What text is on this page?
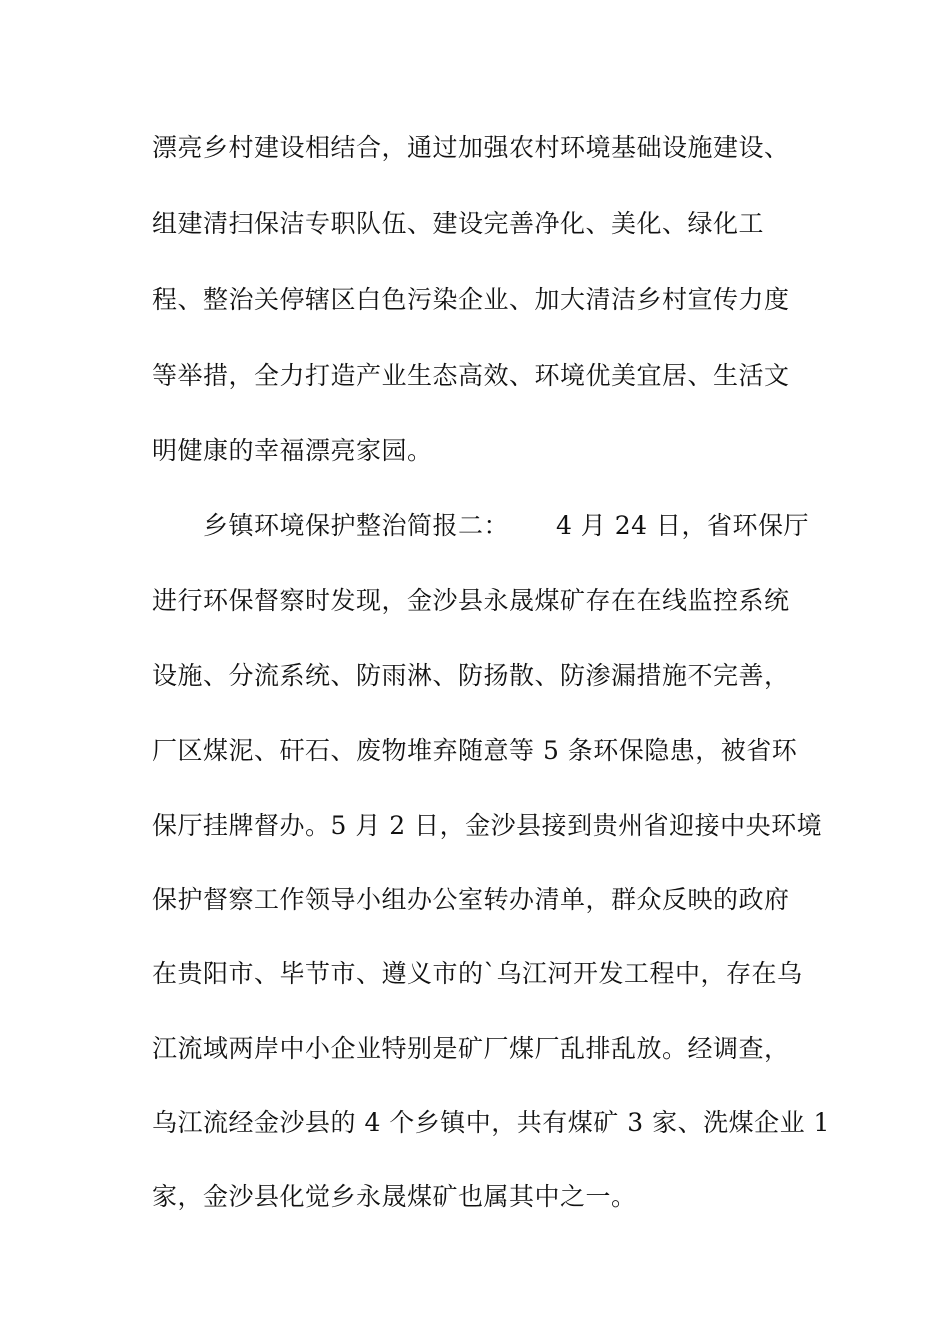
漂亮乡村建设相结合，通过加强农村环境基础设施建设、
组建清扫保洁专职队伍、建设完善净化、美化、绿化工
程、整治关停辖区白色污染企业、加大清洁乡村宣传力度
等举措，全力打造产业生态高效、环境优美宜居、生活文
明健康的幸福漂亮家园。
乡镇环境保护整治简报二：　　 4 月 24 日，省环保厅
进行环保督察时发现，金沙县永晟煤矿存在在线监控系统
设施、分流系统、防雨淋、防扬散、防渗漏措施不完善，
厂区煤泥、矸石、废物堆弃随意等 5 条环保隐患，被省环
保厅挂牌督办。5 月 2 日，金沙县接到贵州省迎接中央环境
保护督察工作领导小组办公室转办清单，群众反映的政府
在贵阳市、毕节市、遵义市的`乌江河开发工程中，存在乌
江流域两岸中小企业特别是矿厂煤厂乱排乱放。经调查，
乌江流经金沙县的 4 个乡镇中，共有煤矿 3 家、洗煤企业 1
家，金沙县化觉乡永晟煤矿也属其中之一。
